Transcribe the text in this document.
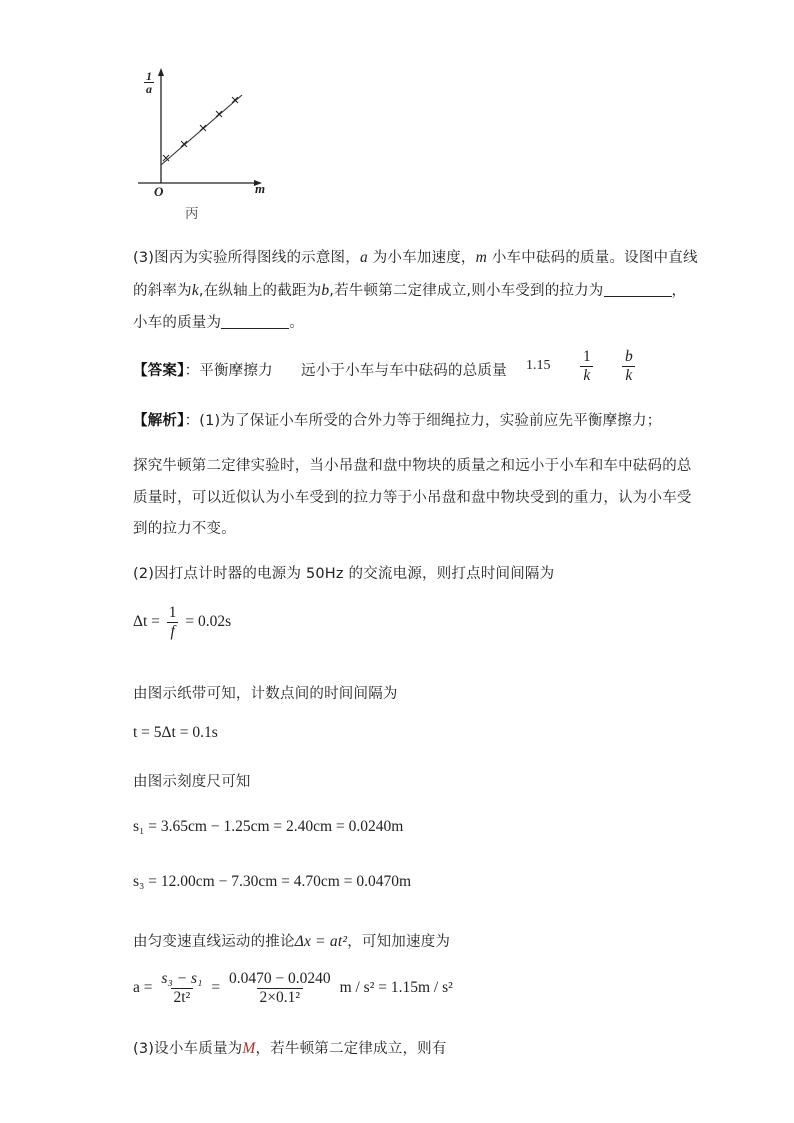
1
a
O	m
丙
(3)图丙为实验所得图线的示意图，a 为小车加速度，m 小车中砝码的质量。设图中直线
的斜率为k,在纵轴上的截距为b,若牛顿第二定律成立,则小车受到的拉力为	，
小车的质量为	。
【答案】：平衡摩擦力 远小于小车与车中砝码的总质量 $1.15 \frac{1}{k} \frac{b}{k}$
【解析】：(1)为了保证小车所受的合外力等于细绳拉力，实验前应先平衡摩擦力；
探究牛顿第二定律实验时，当小吊盘和盘中物块的质量之和远小于小车和车中砝码的总
质量时，可以近似认为小车受到的拉力等于小吊盘和盘中物块受到的重力，认为小车受
到的拉力不变。
(2)因打点计时器的电源为 50Hz 的交流电源，则打点时间间隔为
$\Delta t = \frac{1}{f} = 0.02s$
由图示纸带可知，计数点间的时间间隔为
t = 5Δt = 0.1s
由图示刻度尺可知
s₁ = 3.65cm − 1.25cm = 2.40cm = 0.0240m
s₃ = 12.00cm − 7.30cm = 4.70cm = 0.0470m
由匀变速直线运动的推论Δx = at²，可知加速度为
$a = \frac{\text{s₃ − s₁}}{\text{2t²}} = \frac{0.0470 - 0.0240}{\text{2×0.1²}}$ m / s² = 1.15m / s²
(3)设小车质量为M，若牛顿第二定律成立，则有
